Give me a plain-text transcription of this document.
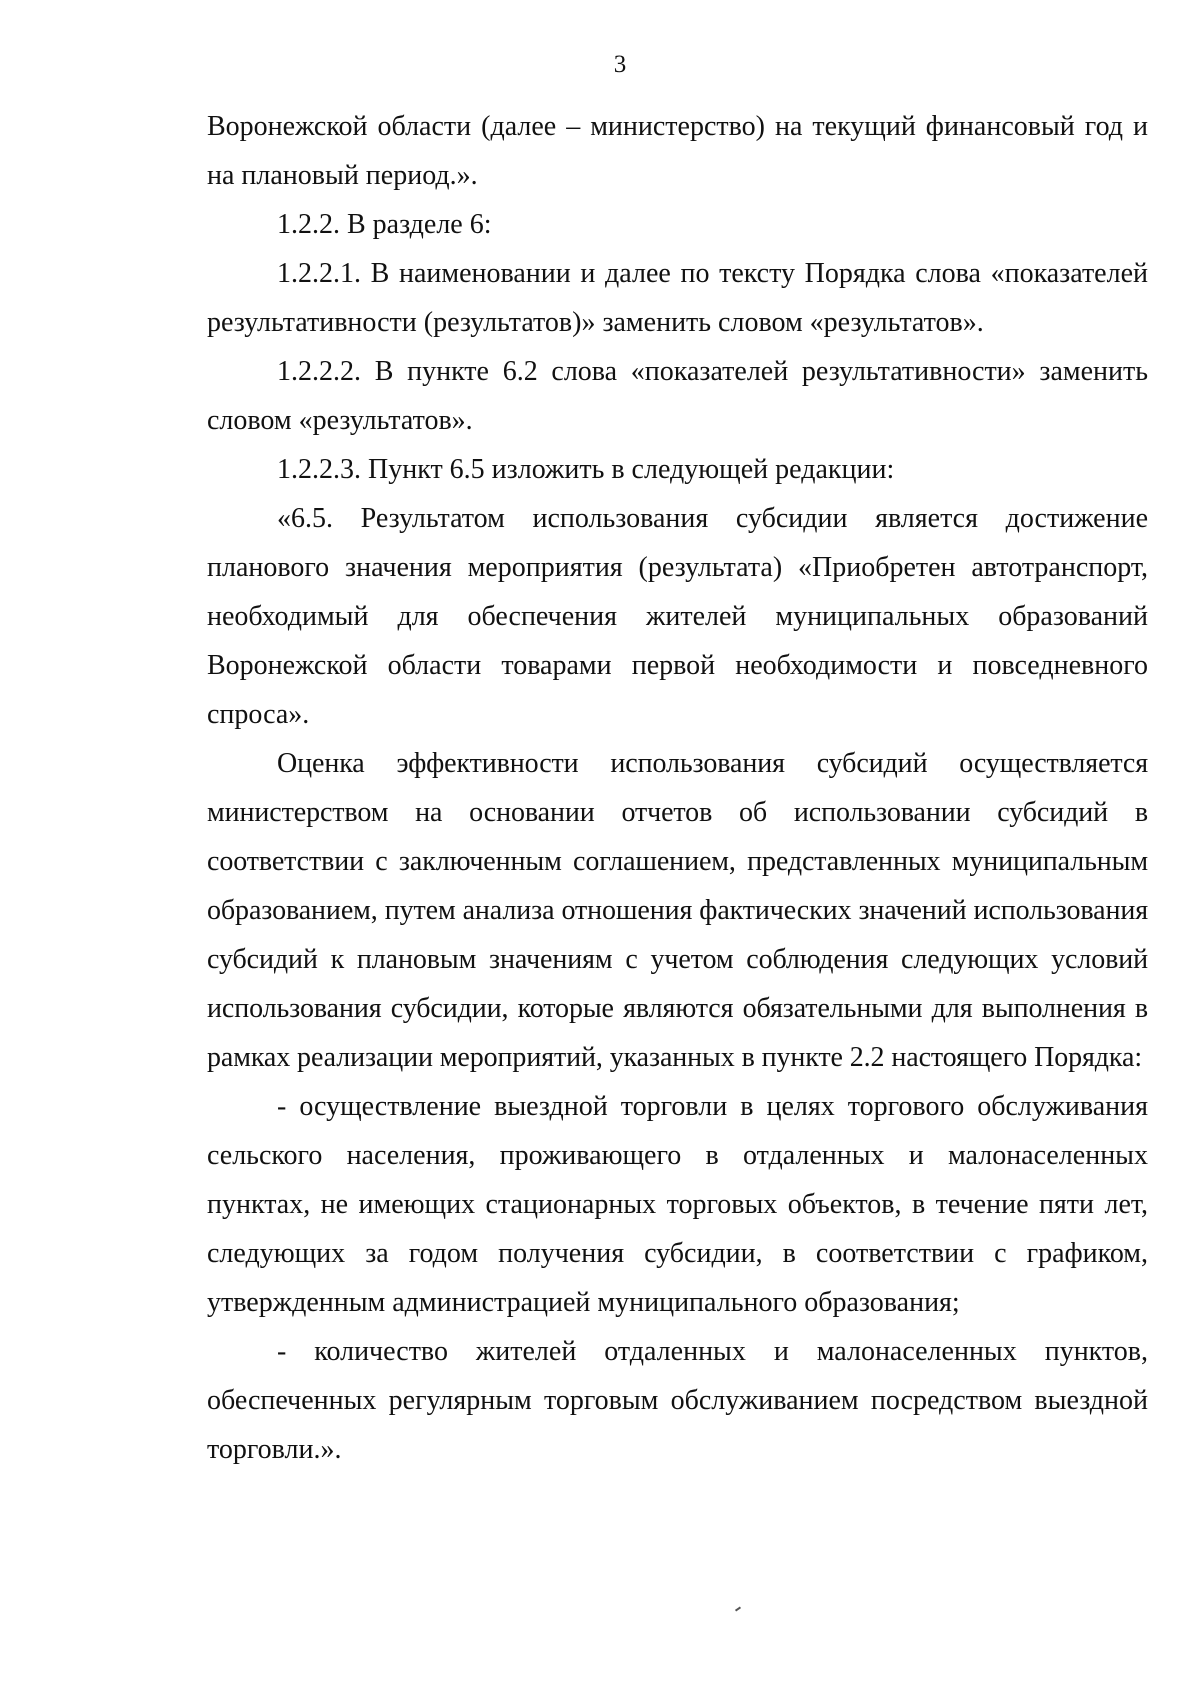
3

Воронежской области (далее – министерство) на текущий финансовый год и на плановый период.».

1.2.2. В разделе 6:

1.2.2.1. В наименовании и далее по тексту Порядка слова «показателей результативности (результатов)» заменить словом «результатов».

1.2.2.2. В пункте 6.2 слова «показателей результативности» заменить словом «результатов».

1.2.2.3. Пункт 6.5 изложить в следующей редакции:

«6.5. Результатом использования субсидии является достижение планового значения мероприятия (результата) «Приобретен автотранспорт, необходимый для обеспечения жителей муниципальных образований Воронежской области товарами первой необходимости и повседневного спроса».

Оценка эффективности использования субсидий осуществляется министерством на основании отчетов об использовании субсидий в соответствии с заключенным соглашением, представленных муниципальным образованием, путем анализа отношения фактических значений использования субсидий к плановым значениям с учетом соблюдения следующих условий использования субсидии, которые являются обязательными для выполнения в рамках реализации мероприятий, указанных в пункте 2.2 настоящего Порядка:

- осуществление выездной торговли в целях торгового обслуживания сельского населения, проживающего в отдаленных и малонаселенных пунктах, не имеющих стационарных торговых объектов, в течение пяти лет, следующих за годом получения субсидии, в соответствии с графиком, утвержденным администрацией муниципального образования;

- количество жителей отдаленных и малонаселенных пунктов, обеспеченных регулярным торговым обслуживанием посредством выездной торговли.».
